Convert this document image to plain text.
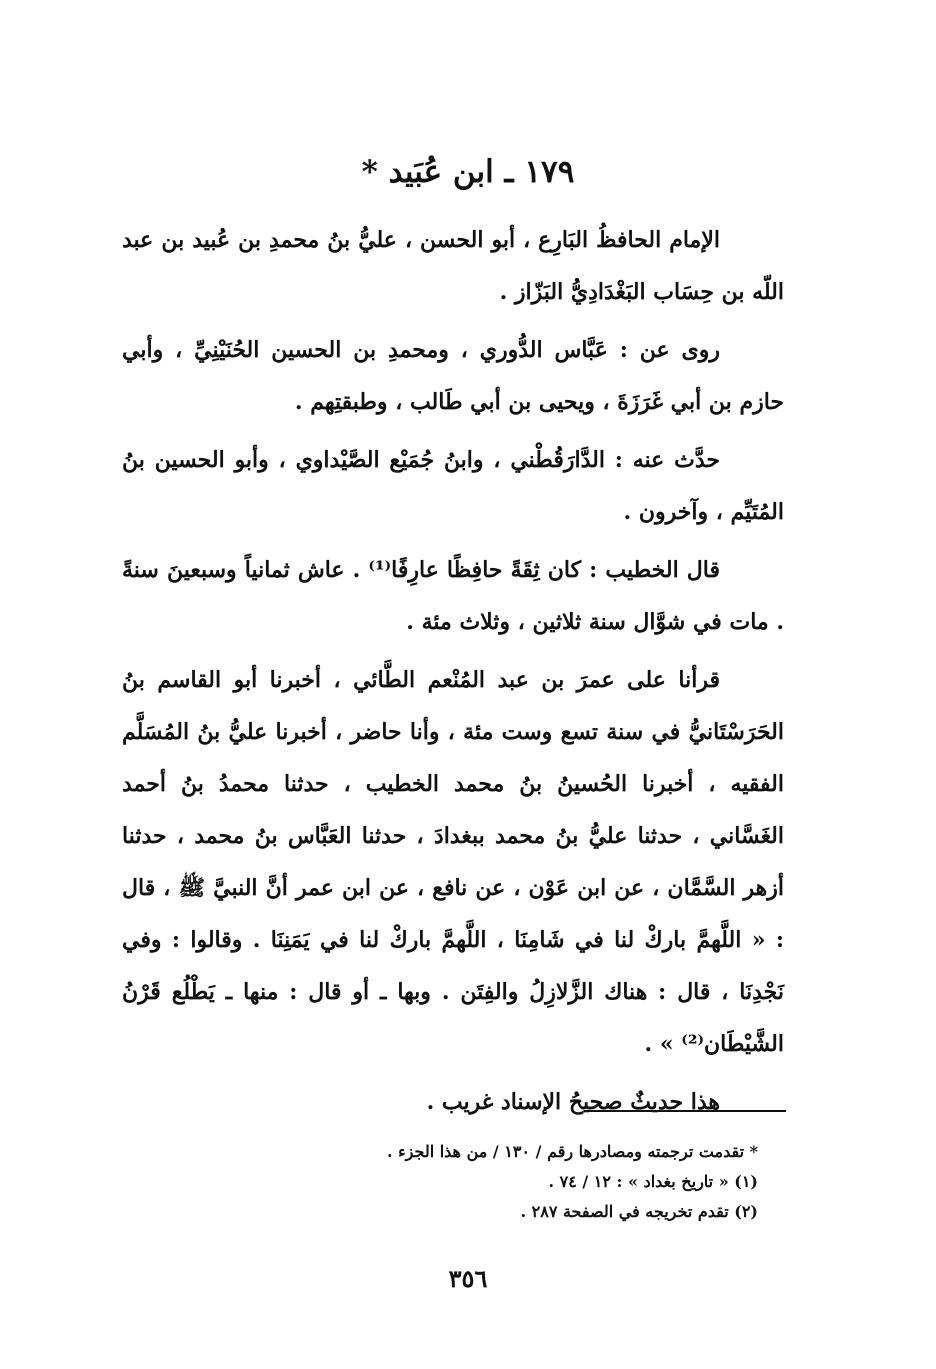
١٧٩ ـ ابن عُبَيد *

الإمام الحافظُ البَارِع ، أبو الحسن ، عليُّ بنُ محمدِ بن عُبيد بن عبد اللّه بن حِسَاب البَغْدَادِيُّ البَزّاز .

روى عن : عَبَّاس الدُّوري ، ومحمدِ بن الحسين الحُنَيْنِيِّ ، وأبي حازم بن أبي غَرَزَةَ ، ويحيى بن أبي طَالب ، وطبقتِهم .

حدَّث عنه : الدَّارَقُطْني ، وابنُ جُمَيْع الصَّيْداوي ، وأبو الحسين بنُ المُتَيِّم ، وآخرون .

قال الخطيب : كان ثِقَةً حافِظًا عارِفًا⁽¹⁾ . عاش ثمانياً وسبعينَ سنةً . مات في شوَّال سنة ثلاثين ، وثلاث مئة .

قرأنا على عمرَ بن عبد المُنْعم الطَّائي ، أخبرنا أبو القاسم بنُ الحَرَسْتَانيُّ في سنة تسع وست مئة ، وأنا حاضر ، أخبرنا عليُّ بنُ المُسَلَّم الفقيه ، أخبرنا الحُسينُ بنُ محمد الخطيب ، حدثنا محمدُ بنُ أحمد الغَسَّاني ، حدثنا عليُّ بنُ محمد ببغدادَ ، حدثنا العَبَّاس بنُ محمد ، حدثنا أزهر السَّمَّان ، عن ابن عَوْن ، عن نافع ، عن ابن عمر أنَّ النبيَّ ﷺ ، قال : « اللَّهمَّ باركْ لنا في شَامِنَا ، اللَّهمَّ باركْ لنا في يَمَنِنَا . وقالوا : وفي نَجْدِنَا ، قال : هناك الزَّلازِلُ والفِتَن . وبها ـ أو قال : منها ـ يَطْلُع قَرْنُ الشَّيْطَان⁽²⁾ » .

هذا حديثٌ صحيحُ الإسناد غريب .

* تقدمت ترجمته ومصادرها رقم / ١٣٠ / من هذا الجزء .

(١) « تاريخ بغداد » : ١٢ / ٧٤ .

(٢) تقدم تخريجه في الصفحة ٢٨٧ .

٣٥٦
